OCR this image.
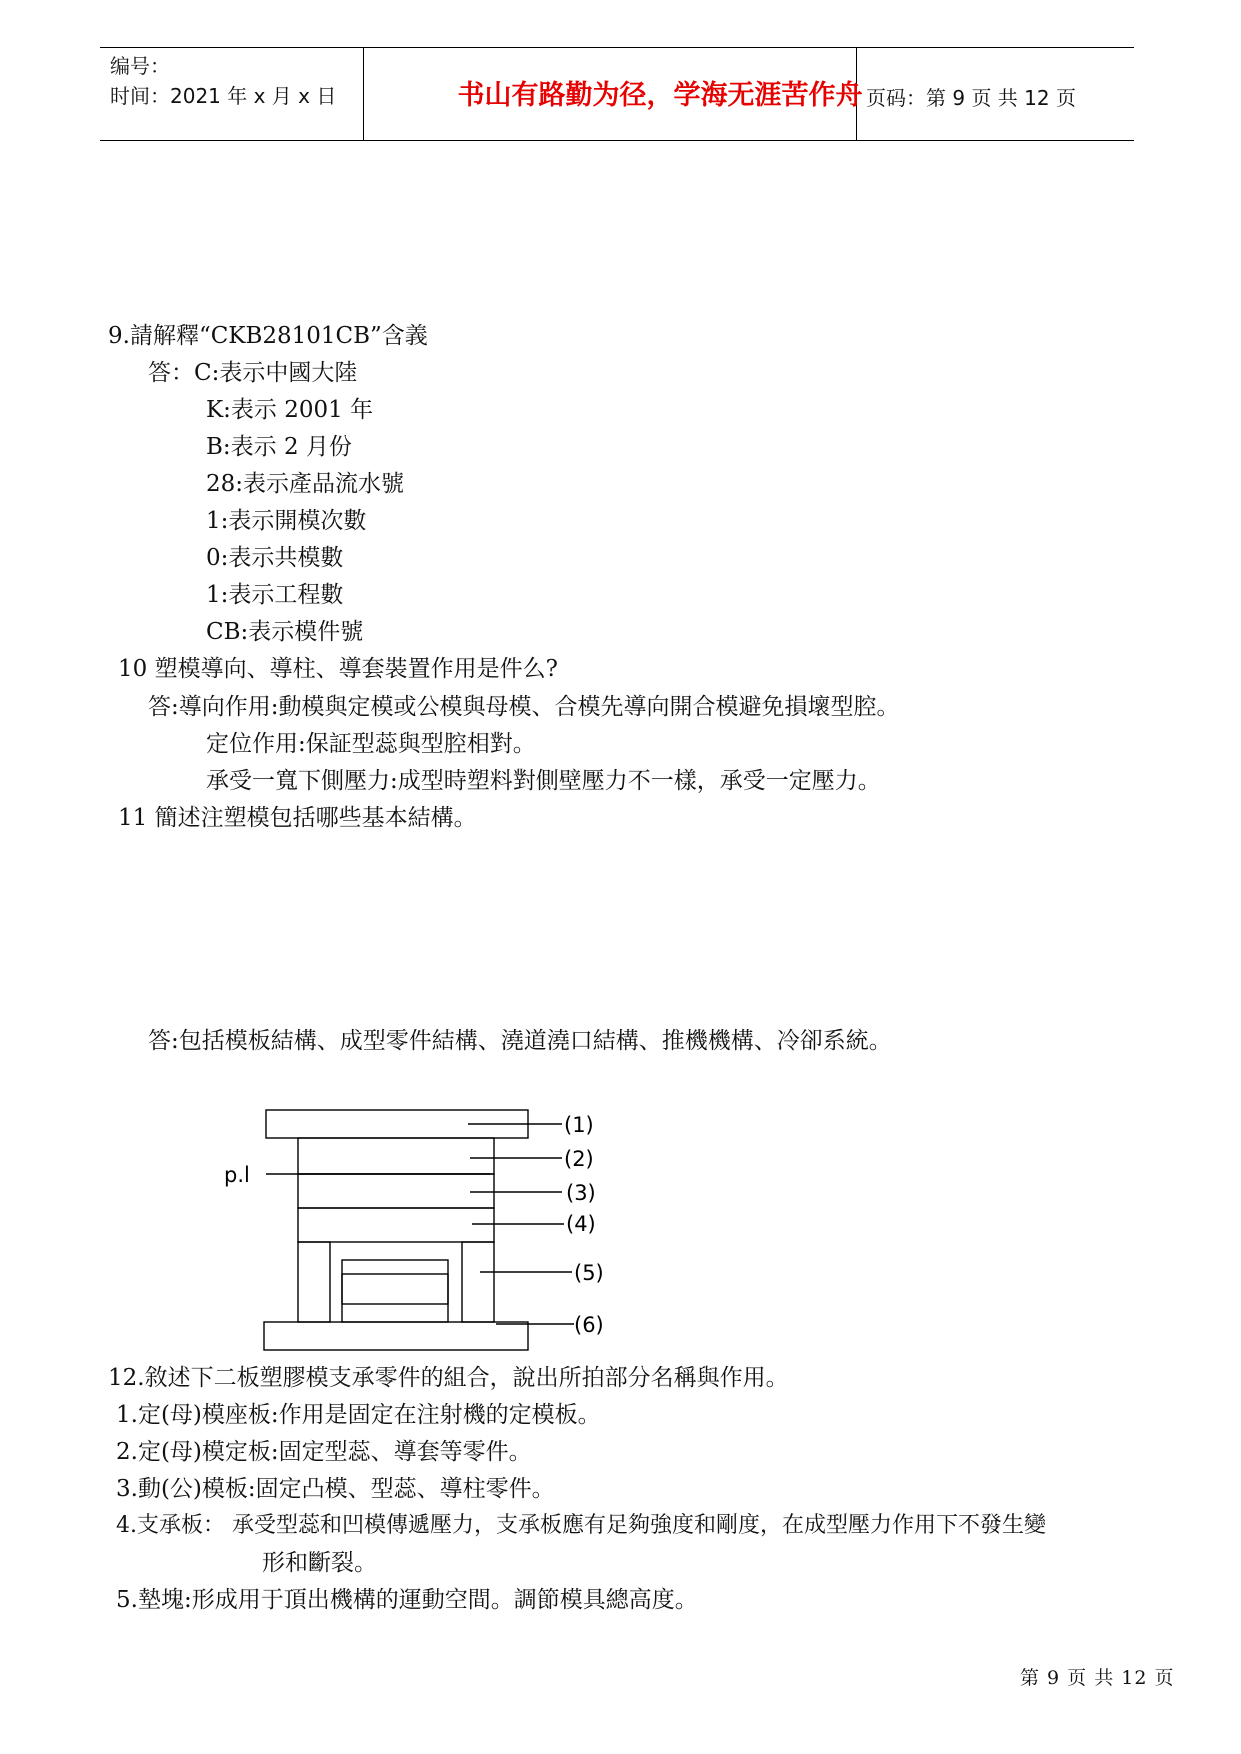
编号：
时间：2021 年 x 月 x 日	书山有路勤为径，学海无涯苦作舟 页码：第 9 页 共 12 页
9.請解釋“CKB28101CB”含義
答：C:表示中國大陸
K:表示 2001 年
B:表示 2 月份
28:表示產品流水號
1:表示開模次數
0:表示共模數
1:表示工程數
CB:表示模件號
10 塑模導向、導柱、導套裝置作用是件么?
答:導向作用:動模與定模或公模與母模、合模先導向開合模避免損壞型腔。
定位作用:保証型蕊與型腔相對。
承受一寬下側壓力:成型時塑料對側壁壓力不一樣，承受一定壓力。
11 簡述注塑模包括哪些基本結構。
答:包括模板結構、成型零件結構、澆道澆口結構、推機機構、冷卻系統。
p.l
(1)
(2)
(3)
(4)
(5)
(6)
12.敘述下二板塑膠模支承零件的組合，說出所拍部分名稱與作用。
1.定(母)模座板:作用是固定在注射機的定模板。
2.定(母)模定板:固定型蕊、導套等零件。
3.動(公)模板:固定凸模、型蕊、導柱零件。
4.支承板： 承受型蕊和凹模傳遞壓力，支承板應有足夠強度和剛度，在成型壓力作用下不發生變
形和斷裂。
5.墊塊:形成用于頂出機構的運動空間。調節模具總高度。
第 9 页 共 12 页
